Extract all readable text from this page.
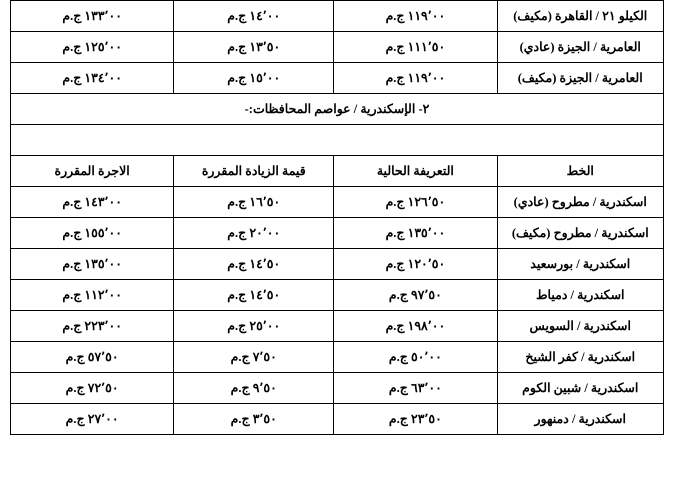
الكيلو ٢١ / القاهرة (مكيف)	١١٩٬٠٠ ج.م	١٤٬٠٠ ج.م	١٣٣٬٠٠ ج.م
العامرية / الجيزة (عادي)	١١١٬٥٠ ج.م	١٣٬٥٠ ج.م	١٢٥٬٠٠ ج.م
العامرية / الجيزة (مكيف)	١١٩٬٠٠ ج.م	١٥٬٠٠ ج.م	١٣٤٬٠٠ ج.م
٢- الإسكندرية / عواصم المحافظات:-			

الخط	التعريفة الحالية	قيمة الزيادة المقررة	الاجرة المقررة
اسكندرية / مطروح (عادي)	١٢٦٬٥٠ ج.م	١٦٬٥٠ ج.م	١٤٣٬٠٠ ج.م
اسكندرية / مطروح (مكيف)	١٣٥٬٠٠ ج.م	٢٠٬٠٠ ج.م	١٥٥٬٠٠ ج.م
اسكندرية / بورسعيد	١٢٠٬٥٠ ج.م	١٤٬٥٠ ج.م	١٣٥٬٠٠ ج.م
اسكندرية / دمياط	٩٧٬٥٠ ج.م	١٤٬٥٠ ج.م	١١٢٬٠٠ ج.م
اسكندرية / السويس	١٩٨٬٠٠ ج.م	٢٥٬٠٠ ج.م	٢٢٣٬٠٠ ج.م
اسكندرية / كفر الشيخ	٥٠٬٠٠ ج.م	٧٬٥٠ ج.م	٥٧٬٥٠ ج.م
اسكندرية / شبين الكوم	٦٣٬٠٠ ج.م	٩٬٥٠ ج.م	٧٢٬٥٠ ج.م
اسكندرية / دمنهور	٢٣٬٥٠ ج.م	٣٬٥٠ ج.م	٢٧٬٠٠ ج.م
